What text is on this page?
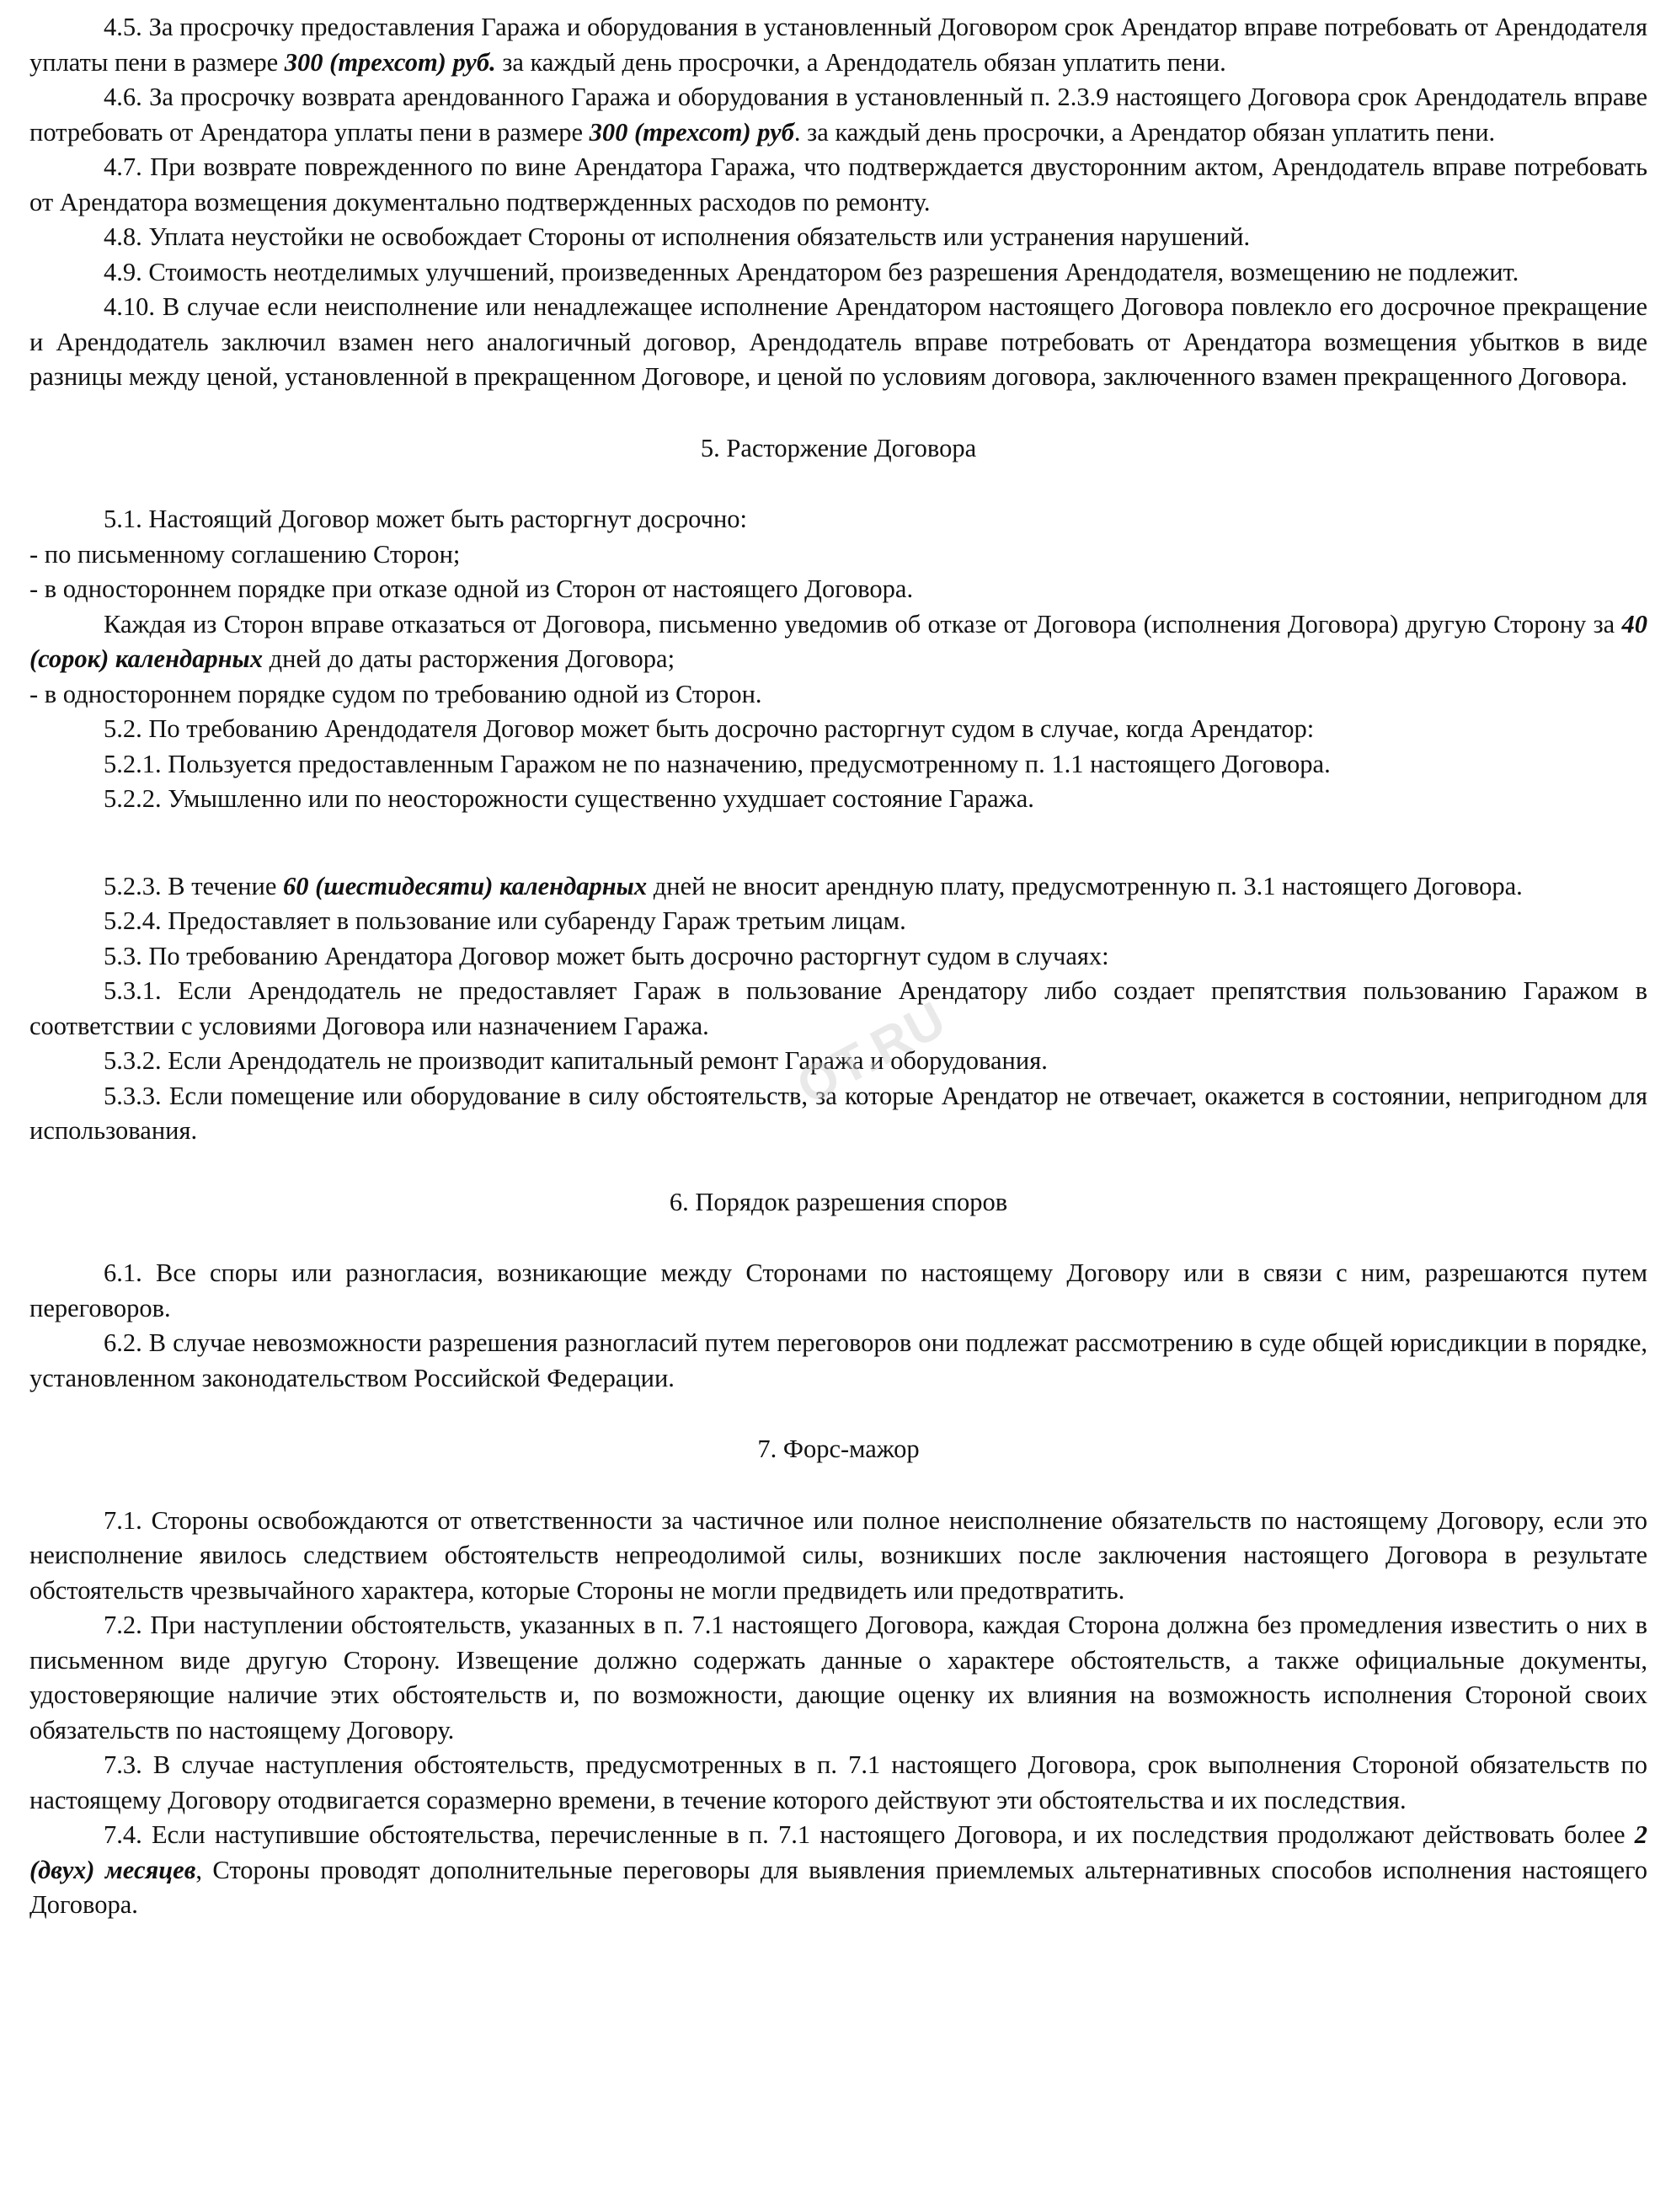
4.5. За просрочку предоставления Гаража и оборудования в установленный Договором срок Арендатор вправе потребовать от Арендодателя уплаты пени в размере 300 (трехсот) руб. за каждый день просрочки, а Арендодатель обязан уплатить пени.

4.6. За просрочку возврата арендованного Гаража и оборудования в установленный п. 2.3.9 настоящего Договора срок Арендодатель вправе потребовать от Арендатора уплаты пени в размере 300 (трехсот) руб. за каждый день просрочки, а Арендатор обязан уплатить пени.

4.7. При возврате поврежденного по вине Арендатора Гаража, что подтверждается двусторонним актом, Арендодатель вправе потребовать от Арендатора возмещения документально подтвержденных расходов по ремонту.

4.8. Уплата неустойки не освобождает Стороны от исполнения обязательств или устранения нарушений.

4.9. Стоимость неотделимых улучшений, произведенных Арендатором без разрешения Арендодателя, возмещению не подлежит.

4.10. В случае если неисполнение или ненадлежащее исполнение Арендатором настоящего Договора повлекло его досрочное прекращение и Арендодатель заключил взамен него аналогичный договор, Арендодатель вправе потребовать от Арендатора возмещения убытков в виде разницы между ценой, установленной в прекращенном Договоре, и ценой по условиям договора, заключенного взамен прекращенного Договора.

5. Расторжение Договора

5.1. Настоящий Договор может быть расторгнут досрочно:

- по письменному соглашению Сторон;

- в одностороннем порядке при отказе одной из Сторон от настоящего Договора.

Каждая из Сторон вправе отказаться от Договора, письменно уведомив об отказе от Договора (исполнения Договора) другую Сторону за 40 (сорок) календарных дней до даты расторжения Договора;

- в одностороннем порядке судом по требованию одной из Сторон.

5.2. По требованию Арендодателя Договор может быть досрочно расторгнут судом в случае, когда Арендатор:

5.2.1. Пользуется предоставленным Гаражом не по назначению, предусмотренному п. 1.1 настоящего Договора.

5.2.2. Умышленно или по неосторожности существенно ухудшает состояние Гаража.

5.2.3. В течение 60 (шестидесяти) календарных дней не вносит арендную плату, предусмотренную п. 3.1 настоящего Договора.

5.2.4. Предоставляет в пользование или субаренду Гараж третьим лицам.

5.3. По требованию Арендатора Договор может быть досрочно расторгнут судом в случаях:

5.3.1. Если Арендодатель не предоставляет Гараж в пользование Арендатору либо создает препятствия пользованию Гаражом в соответствии с условиями Договора или назначением Гаража.

5.3.2. Если Арендодатель не производит капитальный ремонт Гаража и оборудования.

5.3.3. Если помещение или оборудование в силу обстоятельств, за которые Арендатор не отвечает, окажется в состоянии, непригодном для использования.

6. Порядок разрешения споров

6.1. Все споры или разногласия, возникающие между Сторонами по настоящему Договору или в связи с ним, разрешаются путем переговоров.

6.2. В случае невозможности разрешения разногласий путем переговоров они подлежат рассмотрению в суде общей юрисдикции в порядке, установленном законодательством Российской Федерации.

7. Форс-мажор

7.1. Стороны освобождаются от ответственности за частичное или полное неисполнение обязательств по настоящему Договору, если это неисполнение явилось следствием обстоятельств непреодолимой силы, возникших после заключения настоящего Договора в результате обстоятельств чрезвычайного характера, которые Стороны не могли предвидеть или предотвратить.

7.2. При наступлении обстоятельств, указанных в п. 7.1 настоящего Договора, каждая Сторона должна без промедления известить о них в письменном виде другую Сторону. Извещение должно содержать данные о характере обстоятельств, а также официальные документы, удостоверяющие наличие этих обстоятельств и, по возможности, дающие оценку их влияния на возможность исполнения Стороной своих обязательств по настоящему Договору.

7.3. В случае наступления обстоятельств, предусмотренных в п. 7.1 настоящего Договора, срок выполнения Стороной обязательств по настоящему Договору отодвигается соразмерно времени, в течение которого действуют эти обстоятельства и их последствия.

7.4. Если наступившие обстоятельства, перечисленные в п. 7.1 настоящего Договора, и их последствия продолжают действовать более 2 (двух) месяцев, Стороны проводят дополнительные переговоры для выявления приемлемых альтернативных способов исполнения настоящего Договора.

ОТ.RU
